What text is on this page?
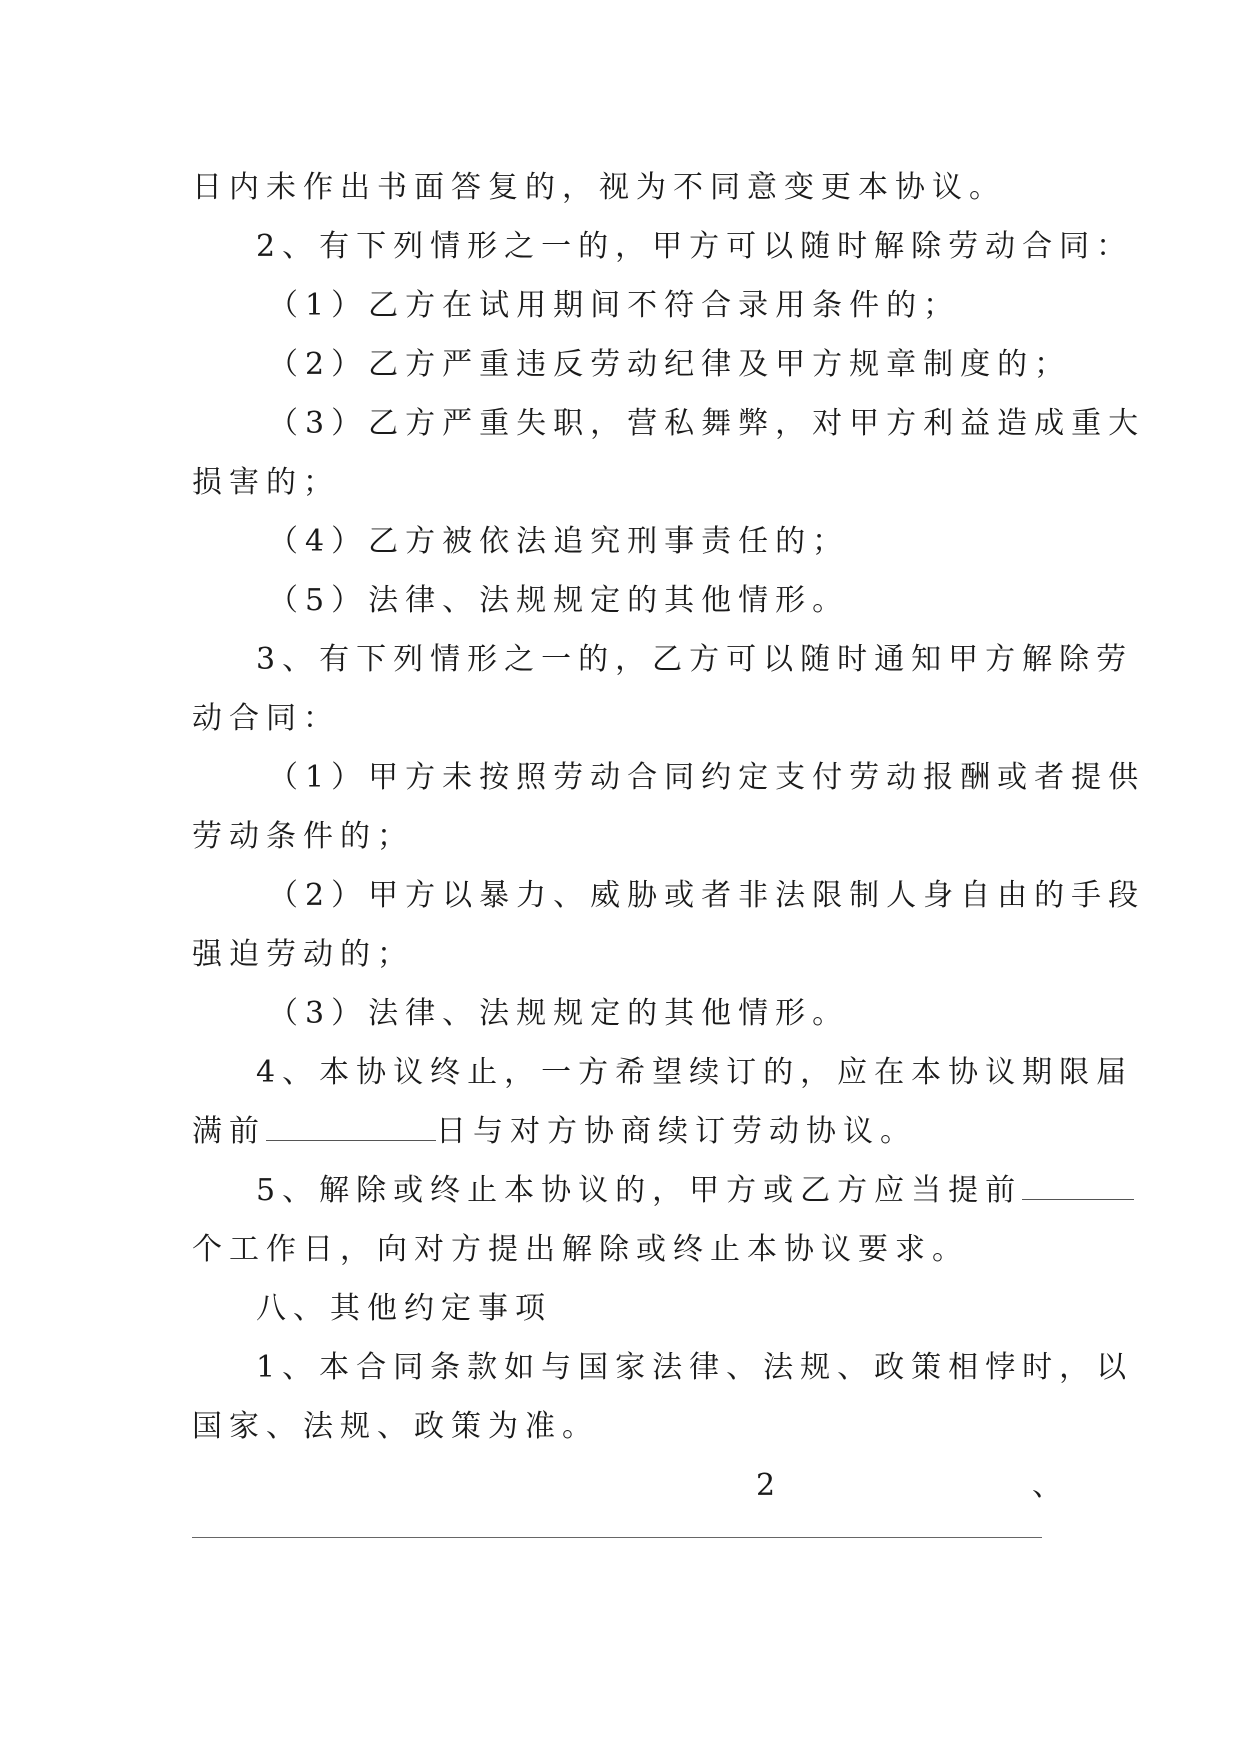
日内未作出书面答复的，视为不同意变更本协议。
2、有下列情形之一的，甲方可以随时解除劳动合同：
（1）乙方在试用期间不符合录用条件的；
（2）乙方严重违反劳动纪律及甲方规章制度的；
（3）乙方严重失职，营私舞弊，对甲方利益造成重大
损害的；
（4）乙方被依法追究刑事责任的；
（5）法律、法规规定的其他情形。
3、有下列情形之一的，乙方可以随时通知甲方解除劳
动合同：
（1）甲方未按照劳动合同约定支付劳动报酬或者提供
劳动条件的；
（2）甲方以暴力、威胁或者非法限制人身自由的手段
强迫劳动的；
（3）法律、法规规定的其他情形。
4、本协议终止，一方希望续订的，应在本协议期限届
满前	日与对方协商续订劳动协议。
5、解除或终止本协议的，甲方或乙方应当提前
个工作日，向对方提出解除或终止本协议要求。
八、其他约定事项
1、本合同条款如与国家法律、法规、政策相悖时，以
国家、法规、政策为准。
2	、
